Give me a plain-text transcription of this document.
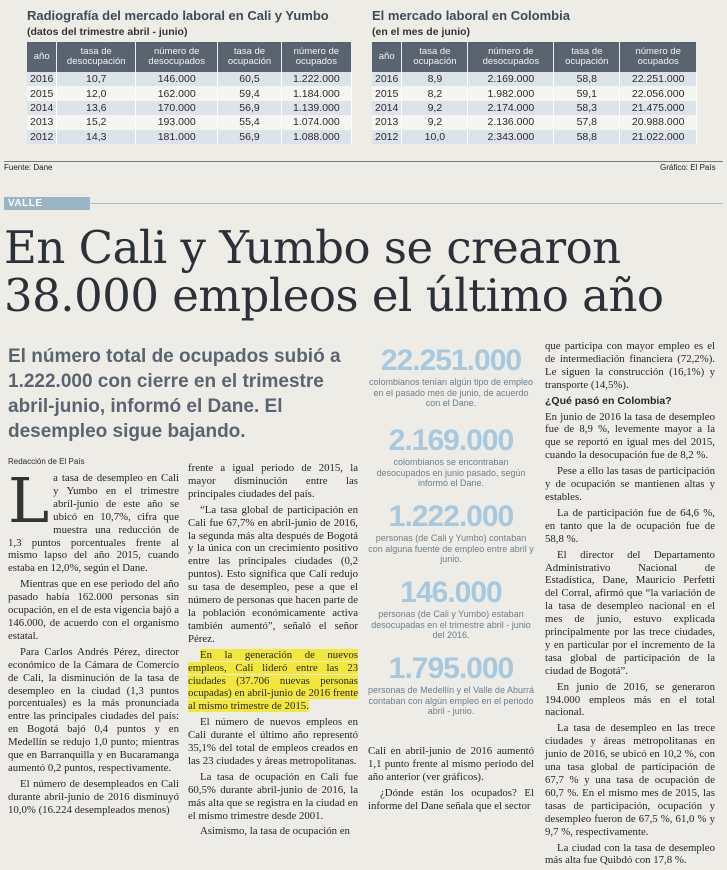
Radiografía del mercado laboral en Cali y Yumbo
(datos del trimestre abril - junio)
año	tasa de desocupación	número de desocupados	tasa de ocupación	número de ocupados
2016	10,7	146.000	60,5	1.222.000
2015	12,0	162.000	59,4	1.184.000
2014	13,6	170.000	56,9	1.139.000
2013	15,2	193.000	55,4	1.074.000
2012	14,3	181.000	56,9	1.088.000
El mercado laboral en Colombia
(en el mes de junio)
año	tasa de ocupación	número de desocupados	tasa de ocupación	número de ocupados
2016	8,9	2.169.000	58,8	22.251.000
2015	8,2	1.982.000	59,1	22.056.000
2014	9,2	2.174.000	58,3	21.475.000
2013	9,2	2.136.000	57,8	20.988.000
2012	10,0	2.343.000	58,8	21.022.000
Fuente: Dane	Gráfico: El País
VALLE
En Cali y Yumbo se crearon
38.000 empleos el último año
El número total de ocupados subió a 1.222.000 con cierre en el trimestre abril-junio, informó el Dane. El desempleo sigue bajando.
Redacción de El País
L a tasa de desempleo en Cali y Yumbo en el trimestre abril-junio de este año se ubicó en 10,7%, cifra que muestra una reducción de 1,3 puntos porcentuales frente al mismo lapso del año 2015, cuando estaba en 12,0%, según el Dane.

Mientras que en ese periodo del año pasado había 162.000 personas sin ocupación, en el de esta vigencia bajó a 146.000, de acuerdo con el organismo estatal.

Para Carlos Andrés Pérez, director económico de la Cámara de Comercio de Cali, la disminución de la tasa de desempleo en la ciudad (1,3 puntos porcentuales) es la más pronunciada entre las principales ciudades del país: en Bogotá bajó 0,4 puntos y en Medellín se redujo 1,0 punto; mientras que en Barranquilla y en Bucaramanga aumentó 0,2 puntos, respectivamente.

El número de desempleados en Cali durante abril-junio de 2016 disminuyó 10,0% (16.224 desempleados menos)

frente a igual periodo de 2015, la mayor disminución entre las principales ciudades del país.

“La tasa global de participación en Cali fue 67,7% en abril-junio de 2016, la segunda más alta después de Bogotá y la única con un crecimiento positivo entre las principales ciudades (0,2 puntos). Esto significa que Cali redujo su tasa de desempleo, pese a que el número de personas que hacen parte de la población económicamente activa también aumentó”, señaló el señor Pérez.

En la generación de nuevos empleos, Cali lideró entre las 23 ciudades (37.706 nuevas personas ocupadas) en abril-junio de 2016 frente al mismo trimestre de 2015.

El número de nuevos empleos en Cali durante el último año representó 35,1% del total de empleos creados en las 23 ciudades y áreas metropolitanas.

La tasa de ocupación en Cali fue 60,5% durante abril-junio de 2016, la más alta que se registra en la ciudad en el mismo trimestre desde 2001.

Asimismo, la tasa de ocupación en

22.251.000
colombianos tenían algún tipo de empleo en el pasado mes de junio, de acuerdo con el Dane.
2.169.000
colombianos se encontraban desocupados en junio pasado, según informó el Dane.
1.222.000
personas (de Cali y Yumbo) contaban con alguna fuente de empleo entre abril y junio.
146.000
personas (de Cali y Yumbo) estaban desocupadas en el trimestre abril - junio del 2016.
1.795.000
personas de Medellín y el Valle de Aburrá contaban con algún empleo en el periodo abril - junio.

Cali en abril-junio de 2016 aumentó 1,1 punto frente al mismo periodo del año anterior (ver gráficos).

¿Dónde están los ocupados? El informe del Dane señala que el sector

que participa con mayor empleo es el de intermediación financiera (72,2%). Le siguen la construcción (16,1%) y transporte (14,5%).

¿Qué pasó en Colombia?

En junio de 2016 la tasa de desempleo fue de 8,9 %, levemente mayor a la que se reportó en igual mes del 2015, cuando la desocupación fue de 8,2 %.

Pese a ello las tasas de participación y de ocupación se mantienen altas y estables.

La de participación fue de 64,6 %, en tanto que la de ocupación fue de 58,8 %.

El director del Departamento Administrativo Nacional de Estadística, Dane, Mauricio Perfetti del Corral, afirmó que “la variación de la tasa de desempleo nacional en el mes de junio, estuvo explicada principalmente por las trece ciudades, y en particular por el incremento de la tasa global de participación de la ciudad de Bogotá”.

En junio de 2016, se generaron 194.000 empleos más en el total nacional.

La tasa de desempleo en las trece ciudades y áreas metropolitanas en junio de 2016, se ubicó en 10,2 %, con una tasa global de participación de 67,7 % y una tasa de ocupación de 60,7 %. En el mismo mes de 2015, las tasas de participación, ocupación y desempleo fueron de 67,5 %, 61,0 % y 9,7 %, respectivamente.

La ciudad con la tasa de desempleo más alta fue Quibdó con 17,8 %.
